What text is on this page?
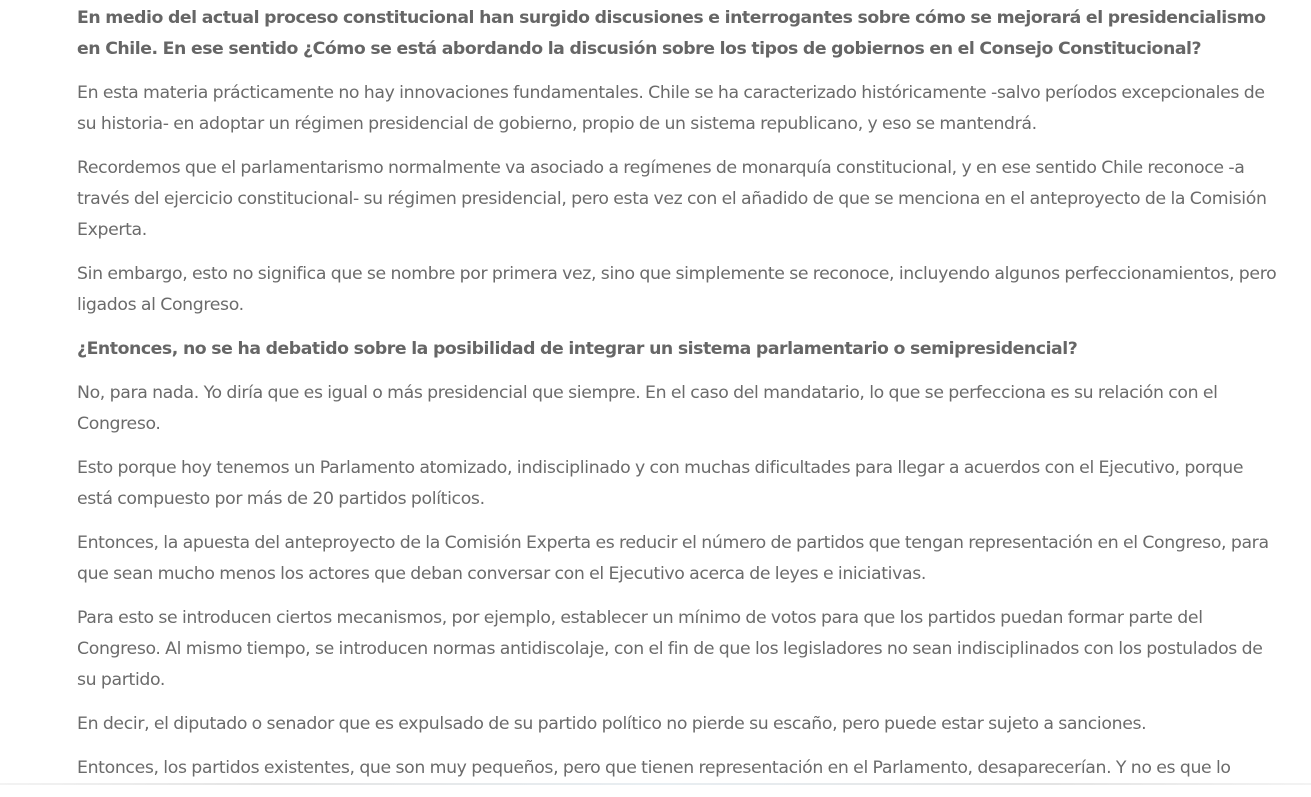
En medio del actual proceso constitucional han surgido discusiones e interrogantes sobre cómo se mejorará el presidencialismo en Chile. En ese sentido ¿Cómo se está abordando la discusión sobre los tipos de gobiernos en el Consejo Constitucional?

En esta materia prácticamente no hay innovaciones fundamentales. Chile se ha caracterizado históricamente -salvo períodos excepcionales de su historia- en adoptar un régimen presidencial de gobierno, propio de un sistema republicano, y eso se mantendrá.

Recordemos que el parlamentarismo normalmente va asociado a regímenes de monarquía constitucional, y en ese sentido Chile reconoce -a través del ejercicio constitucional- su régimen presidencial, pero esta vez con el añadido de que se menciona en el anteproyecto de la Comisión Experta.

Sin embargo, esto no significa que se nombre por primera vez, sino que simplemente se reconoce, incluyendo algunos perfeccionamientos, pero ligados al Congreso.

¿Entonces, no se ha debatido sobre la posibilidad de integrar un sistema parlamentario o semipresidencial?

No, para nada. Yo diría que es igual o más presidencial que siempre. En el caso del mandatario, lo que se perfecciona es su relación con el Congreso.

Esto porque hoy tenemos un Parlamento atomizado, indisciplinado y con muchas dificultades para llegar a acuerdos con el Ejecutivo, porque está compuesto por más de 20 partidos políticos.

Entonces, la apuesta del anteproyecto de la Comisión Experta es reducir el número de partidos que tengan representación en el Congreso, para que sean mucho menos los actores que deban conversar con el Ejecutivo acerca de leyes e iniciativas.

Para esto se introducen ciertos mecanismos, por ejemplo, establecer un mínimo de votos para que los partidos puedan formar parte del Congreso. Al mismo tiempo, se introducen normas antidiscolaje, con el fin de que los legisladores no sean indisciplinados con los postulados de su partido.

En decir, el diputado o senador que es expulsado de su partido político no pierde su escaño, pero puede estar sujeto a sanciones.

Entonces, los partidos existentes, que son muy pequeños, pero que tienen representación en el Parlamento, desaparecerían. Y no es que lo
